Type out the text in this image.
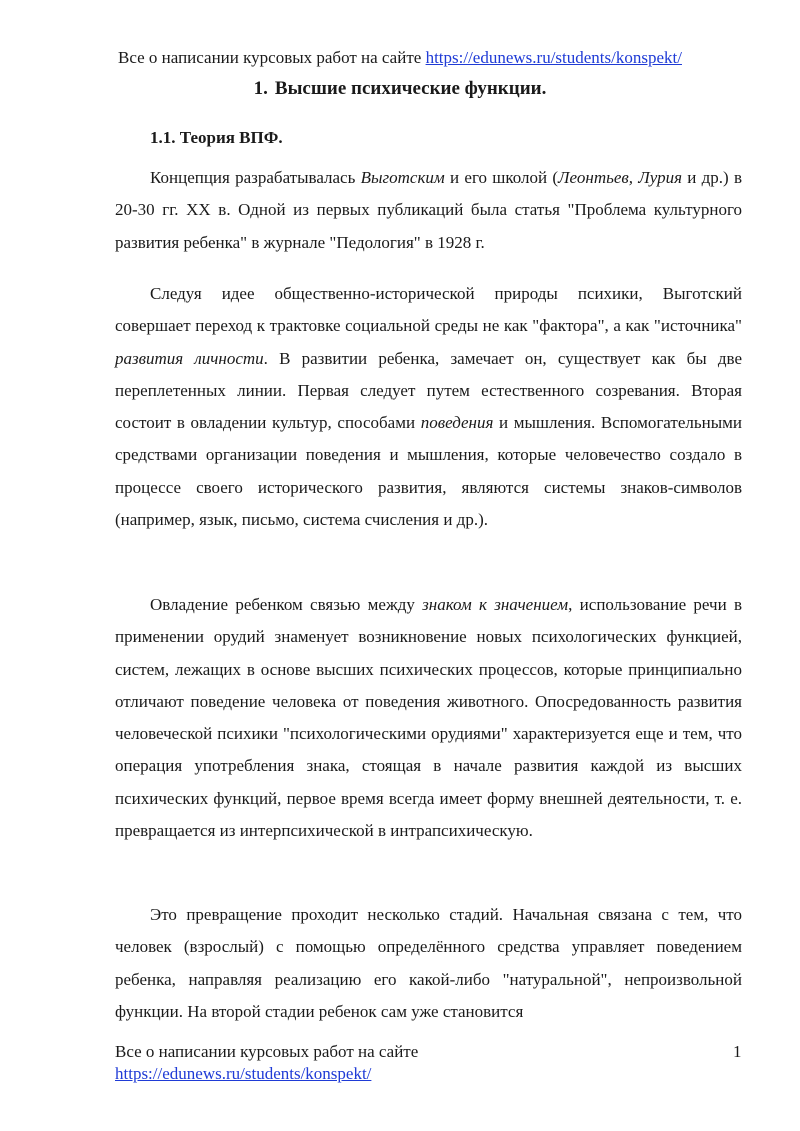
Все о написании курсовых работ на сайте https://edunews.ru/students/konspekt/
1. Высшие психические функции.
1.1. Теория ВПФ.

Концепция разрабатывалась Выготским и его школой (Леонтьев, Лурия и др.) в 20-30 гг. XX в. Одной из первых публикаций была статья "Проблема культурного развития ребенка" в журнале "Педология" в 1928 г.

Следуя идее общественно-исторической природы психики, Выготский совершает переход к трактовке социальной среды не как "фактора", а как "источника" развития личности. В развитии ребенка, замечает он, существует как бы две переплетенных линии. Первая следует путем естественного созревания. Вторая состоит в овладении культур, способами поведения и мышления. Вспомогательными средствами организации поведения и мышления, которые человечество создало в процессе своего исторического развития, являются системы знаков-символов (например, язык, письмо, система счисления и др.).

Овладение ребенком связью между знаком к значением, использование речи в применении орудий знаменует возникновение новых психологических функцией, систем, лежащих в основе высших психических процессов, которые принципиально отличают поведение человека от поведения животного. Опосредованность развития человеческой психики "психологическими орудиями" характеризуется еще и тем, что операция употребления знака, стоящая в начале развития каждой из высших психических функций, первое время всегда имеет форму внешней деятельности, т. е. превращается из интерпсихической в интрапсихическую.

Это превращение проходит несколько стадий. Начальная связана с тем, что человек (взрослый) с помощью определённого средства управляет поведением ребенка, направляя реализацию его какой-либо "натуральной", непроизвольной функции. На второй стадии ребенок сам уже становится

Все о написании курсовых работ на сайте
https://edunews.ru/students/konspekt/
1
